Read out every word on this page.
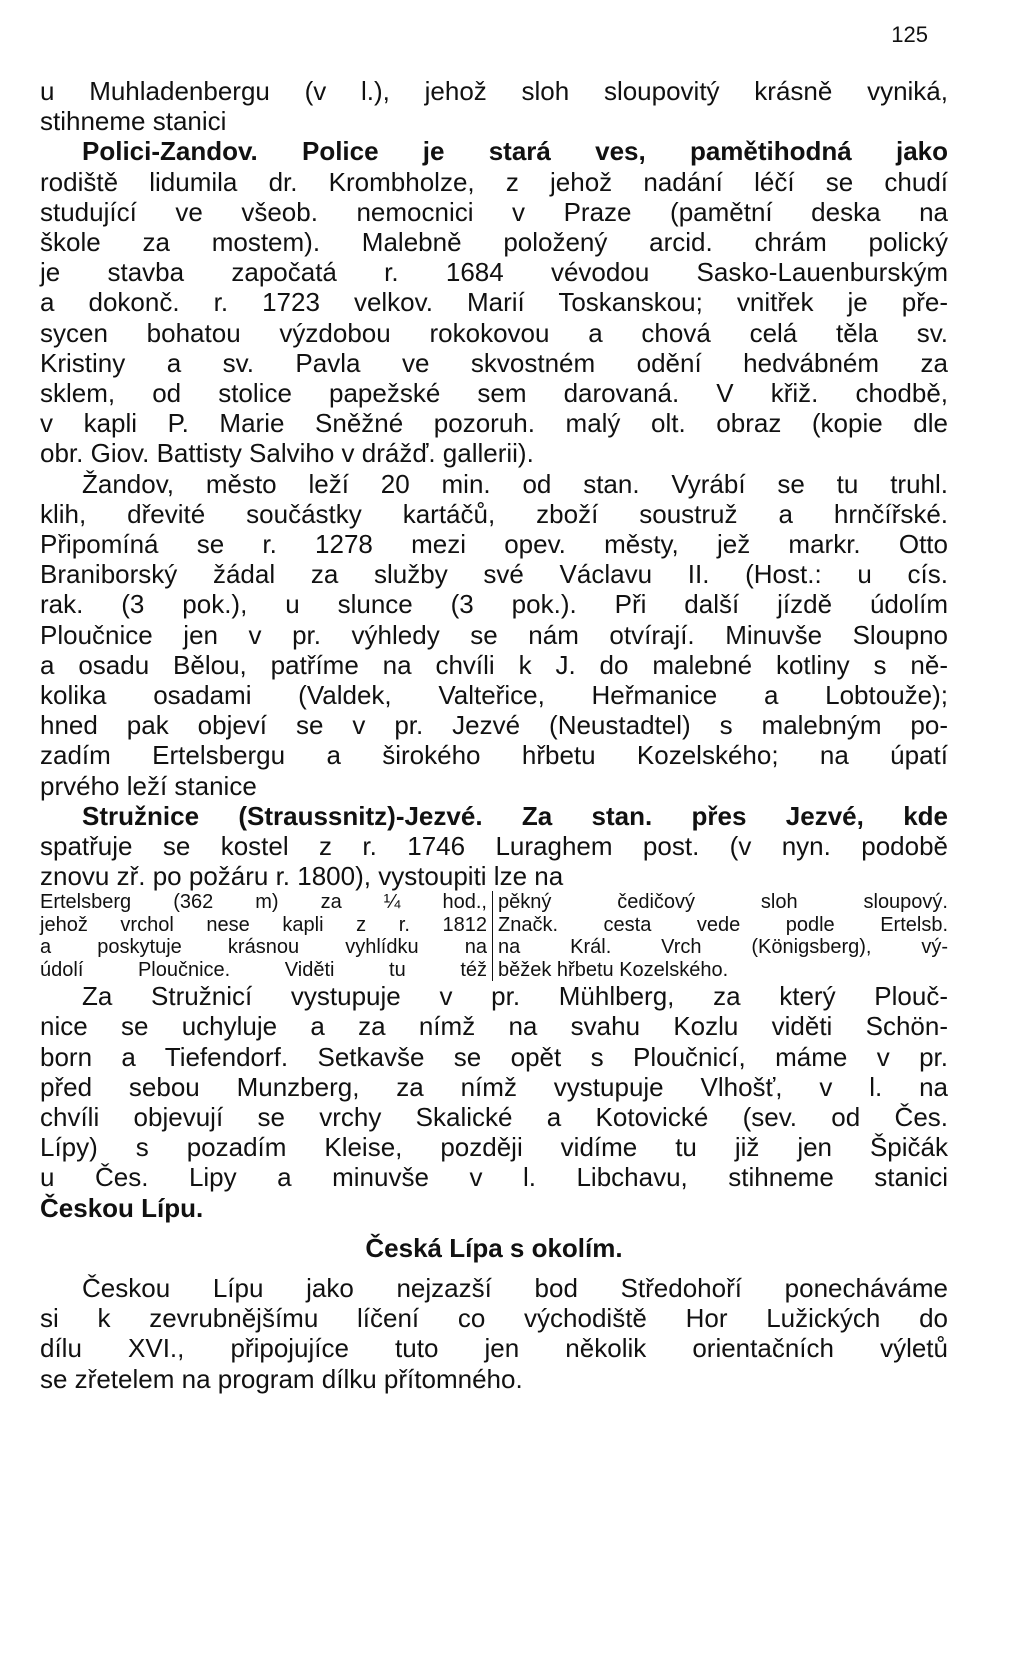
125
u Muhladenbergu (v l.), jehož sloh sloupovitý krásně vyniká,
stihneme stanici
Polici-Zandov. Police je stará ves, pamětihodná jako
rodiště lidumila dr. Krombholze, z jehož nadání léčí se chudí
studující ve všeob. nemocnici v Praze (pamětní deska na
škole za mostem). Malebně položený arcid. chrám polický
je stavba započatá r. 1684 vévodou Sasko-Lauenburským
a dokonč. r. 1723 velkov. Marií Toskanskou; vnitřek je pře-
sycen bohatou výzdobou rokokovou a chová celá těla sv.
Kristiny a sv. Pavla ve skvostném odění hedvábném za
sklem, od stolice papežské sem darovaná. V křiž. chodbě,
v kapli P. Marie Sněžné pozoruh. malý olt. obraz (kopie dle
obr. Giov. Battisty Salviho v drážď. gallerii).
Žandov, město leží 20 min. od stan. Vyrábí se tu truhl.
klih, dřevité součástky kartáčů, zboží soustruž a hrnčířské.
Připomíná se r. 1278 mezi opev. městy, jež markr. Otto
Braniborský žádal za služby své Václavu II. (Host.: u cís.
rak. (3 pok.), u slunce (3 pok.). Při další jízdě údolím
Ploučnice jen v pr. výhledy se nám otvírají. Minuvše Sloupno
a osadu Bělou, patříme na chvíli k J. do malebné kotliny s ně-
kolika osadami (Valdek, Valteřice, Heřmanice a Lobtouže);
hned pak objeví se v pr. Jezvé (Neustadtel) s malebným po-
zadím Ertelsbergu a širokého hřbetu Kozelského; na úpatí
prvého leží stanice
Stružnice (Straussnitz)-Jezvé. Za stan. přes Jezvé, kde
spatřuje se kostel z r. 1746 Luraghem post. (v nyn. podobě
znovu zř. po požáru r. 1800), vystoupiti lze na
Ertelsberg (362 m) za ¼ hod.,
jehož vrchol nese kapli z r. 1812
a poskytuje krásnou vyhlídku na
údolí Ploučnice. Viděti tu též
pěkný čedičový sloh sloupový.
Značk. cesta vede podle Ertelsb.
na Král. Vrch (Königsberg), vý-
běžek hřbetu Kozelského.
Za Stružnicí vystupuje v pr. Mühlberg, za který Plouč-
nice se uchyluje a za nímž na svahu Kozlu viděti Schön-
born a Tiefendorf. Setkavše se opět s Ploučnicí, máme v pr.
před sebou Munzberg, za nímž vystupuje Vlhošť, v l. na
chvíli objevují se vrchy Skalické a Kotovické (sev. od Čes.
Lípy) s pozadím Kleise, později vidíme tu již jen Špičák
u Čes. Lipy a minuvše v l. Libchavu, stihneme stanici
Českou Lípu.
Česká Lípa s okolím.
Českou Lípu jako nejzazší bod Středohoří ponecháváme
si k zevrubnějšímu líčení co východiště Hor Lužických do
dílu XVI., připojujíce tuto jen několik orientačních výletů
se zřetelem na program dílku přítomného.
